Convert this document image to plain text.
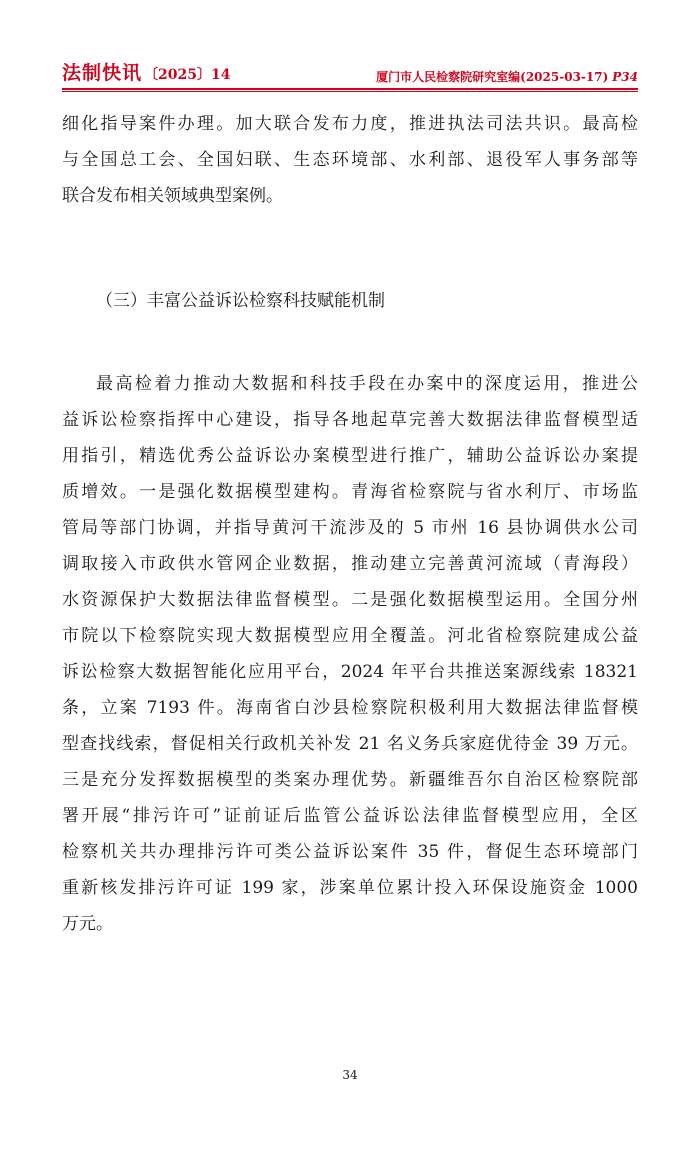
法制快讯 〔2025〕14	厦门市人民检察院研究室编(2025-03-17) P34
细化指导案件办理。加大联合发布力度，推进执法司法共识。最高检
与全国总工会、全国妇联、生态环境部、水利部、退役军人事务部等
联合发布相关领域典型案例。
（三）丰富公益诉讼检察科技赋能机制
最高检着力推动大数据和科技手段在办案中的深度运用，推进公
益诉讼检察指挥中心建设，指导各地起草完善大数据法律监督模型适
用指引，精选优秀公益诉讼办案模型进行推广，辅助公益诉讼办案提
质增效。一是强化数据模型建构。青海省检察院与省水利厅、市场监
管局等部门协调，并指导黄河干流涉及的 5 市州 16 县协调供水公司
调取接入市政供水管网企业数据，推动建立完善黄河流域（青海段）
水资源保护大数据法律监督模型。二是强化数据模型运用。全国分州
市院以下检察院实现大数据模型应用全覆盖。河北省检察院建成公益
诉讼检察大数据智能化应用平台，2024 年平台共推送案源线索 18321
条，立案 7193 件。海南省白沙县检察院积极利用大数据法律监督模
型查找线索，督促相关行政机关补发 21 名义务兵家庭优待金 39 万元。
三是充分发挥数据模型的类案办理优势。新疆维吾尔自治区检察院部
署开展“排污许可”证前证后监管公益诉讼法律监督模型应用，全区
检察机关共办理排污许可类公益诉讼案件 35 件，督促生态环境部门
重新核发排污许可证 199 家，涉案单位累计投入环保设施资金 1000
万元。
34
